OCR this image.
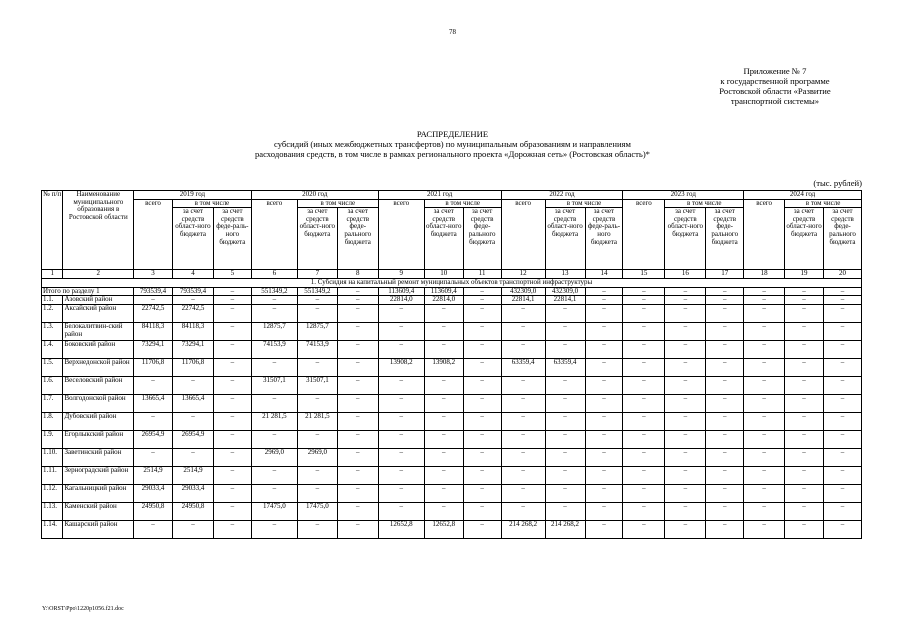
78
Приложение № 7
к государственной программе
Ростовской области «Развитие
транспортной системы»
РАСПРЕДЕЛЕНИЕ
субсидий (иных межбюджетных трансфертов) по муниципальным образованиям и направлениям
расходования средств, в том числе в рамках регионального проекта «Дорожная сеть» (Ростовская область)*
(тыс. рублей)
№ п/п	Наименование муниципального образования в Ростовской области	2019 год			2020 год			2021 год			2022 год			2023 год			2024 год		
		всего	в том числе		всего	в том числе		всего	в том числе		всего	в том числе		всего	в том числе		всего	в том числе	
			за счет средств област-ного бюджета	за счет средств феде-раль-ного бюджета		за счет средств област-ного бюджета	за счет средств феде-рального бюджета		за счет средств област-ного бюджета	за счет средств феде-рального бюджета		за счет средств област-ного бюджета	за счет средств феде-раль-ного бюджета		за счет средств област-ного бюджета	за счет средств феде-рального бюджета		за счет средств област-ного бюджета	за счет средств феде-рального бюджета
1	2	3	4	5	6	7	8	9	10	11	12	13	14	15	16	17	18	19	20
1. Субсидия на капитальный ремонт муниципальных объектов транспортной инфраструктуры																			
Итого по разделу 1		793539,4	793539,4	–	551349,2	551349,2	–	113609,4	113609,4	–	432309,0	432309,0	–	–	–	–	–	–	–
1.1.	Азовский район	–	–	–	–	–	–	22814,0	22814,0	–	22814,1	22814,1	–	–	–	–	–	–	–
1.2.	Аксайский район	22742,5	22742,5	–	–	–	–	–	–	–	–	–	–	–	–	–	–	–	–
1.3.	Белокалитвин-ский район	84118,3	84118,3	–	12875,7	12875,7	–	–	–	–	–	–	–	–	–	–	–	–	–
1.4.	Боковский район	73294,1	73294,1	–	74153,9	74153,9	–	–	–	–	–	–	–	–	–	–	–	–	–
1.5.	Верхнедонской район	11706,8	11706,8	–	–	–	–	13908,2	13908,2	–	63359,4	63359,4	–	–	–	–	–	–	–
1.6.	Веселовский район	–	–	–	31507,1	31507,1	–	–	–	–	–	–	–	–	–	–	–	–	–
1.7.	Волгодонской район	13665,4	13665,4	–	–	–	–	–	–	–	–	–	–	–	–	–	–	–	–
1.8.	Дубовский район	–	–	–	21 281,5	21 281,5	–	–	–	–	–	–	–	–	–	–	–	–	–
1.9.	Егорлыкский район	26954,9	26954,9	–	–	–	–	–	–	–	–	–	–	–	–	–	–	–	–
1.10.	Заветинский район	–	–	–	2969,0	2969,0	–	–	–	–	–	–	–	–	–	–	–	–	–
1.11.	Зерноградский район	2514,9	2514,9	–	–	–	–	–	–	–	–	–	–	–	–	–	–	–	–
1.12.	Кагальницкий район	29033,4	29033,4	–	–	–	–	–	–	–	–	–	–	–	–	–	–	–	–
1.13.	Каменский район	24950,8	24950,8	–	17475,0	17475,0	–	–	–	–	–	–	–	–	–	–	–	–	–
1.14.	Кашарский район	–	–	–	–	–	–	12652,8	12652,8	–	214 268,2	214 268,2	–	–	–	–	–	–	–
Y:\ORST\Ppo\1220p1056.f21.doc
